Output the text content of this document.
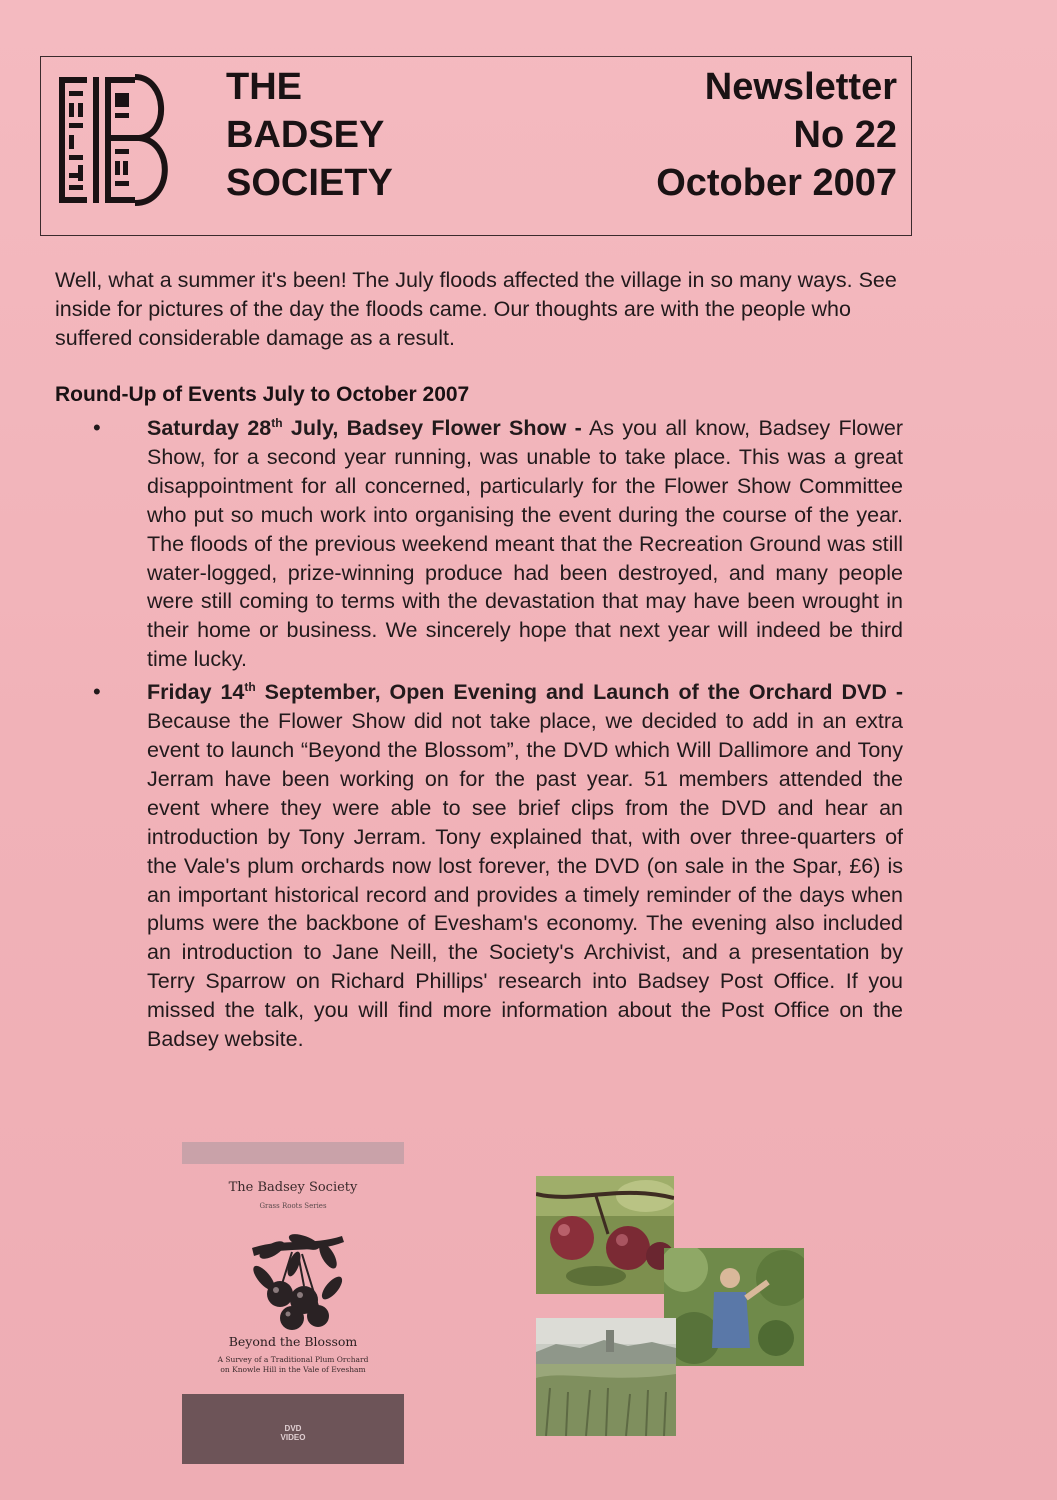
THE
BADSEY
SOCIETY
Newsletter
No 22
October 2007
Well, what a summer it's been! The July floods affected the village in so many ways. See inside for pictures of the day the floods came. Our thoughts are with the people who suffered considerable damage as a result.
Round-Up of Events July to October 2007
• Saturday 28th July, Badsey Flower Show - As you all know, Badsey Flower Show, for a second year running, was unable to take place. This was a great disappointment for all concerned, particularly for the Flower Show Committee who put so much work into organising the event during the course of the year. The floods of the previous weekend meant that the Recreation Ground was still water-logged, prize-winning produce had been destroyed, and many people were still coming to terms with the devastation that may have been wrought in their home or business. We sincerely hope that next year will indeed be third time lucky.
• Friday 14th September, Open Evening and Launch of the Orchard DVD - Because the Flower Show did not take place, we decided to add in an extra event to launch “Beyond the Blossom”, the DVD which Will Dallimore and Tony Jerram have been working on for the past year. 51 members attended the event where they were able to see brief clips from the DVD and hear an introduction by Tony Jerram. Tony explained that, with over three-quarters of the Vale's plum orchards now lost forever, the DVD (on sale in the Spar, £6) is an important historical record and provides a timely reminder of the days when plums were the backbone of Evesham's economy. The evening also included an introduction to Jane Neill, the Society's Archivist, and a presentation by Terry Sparrow on Richard Phillips' research into Badsey Post Office. If you missed the talk, you will find more information about the Post Office on the Badsey website.
The Badsey Society
Grass Roots Series
Beyond the Blossom
A Survey of a Traditional Plum Orchard
on Knowle Hill in the Vale of Evesham
DVD
VIDEO
